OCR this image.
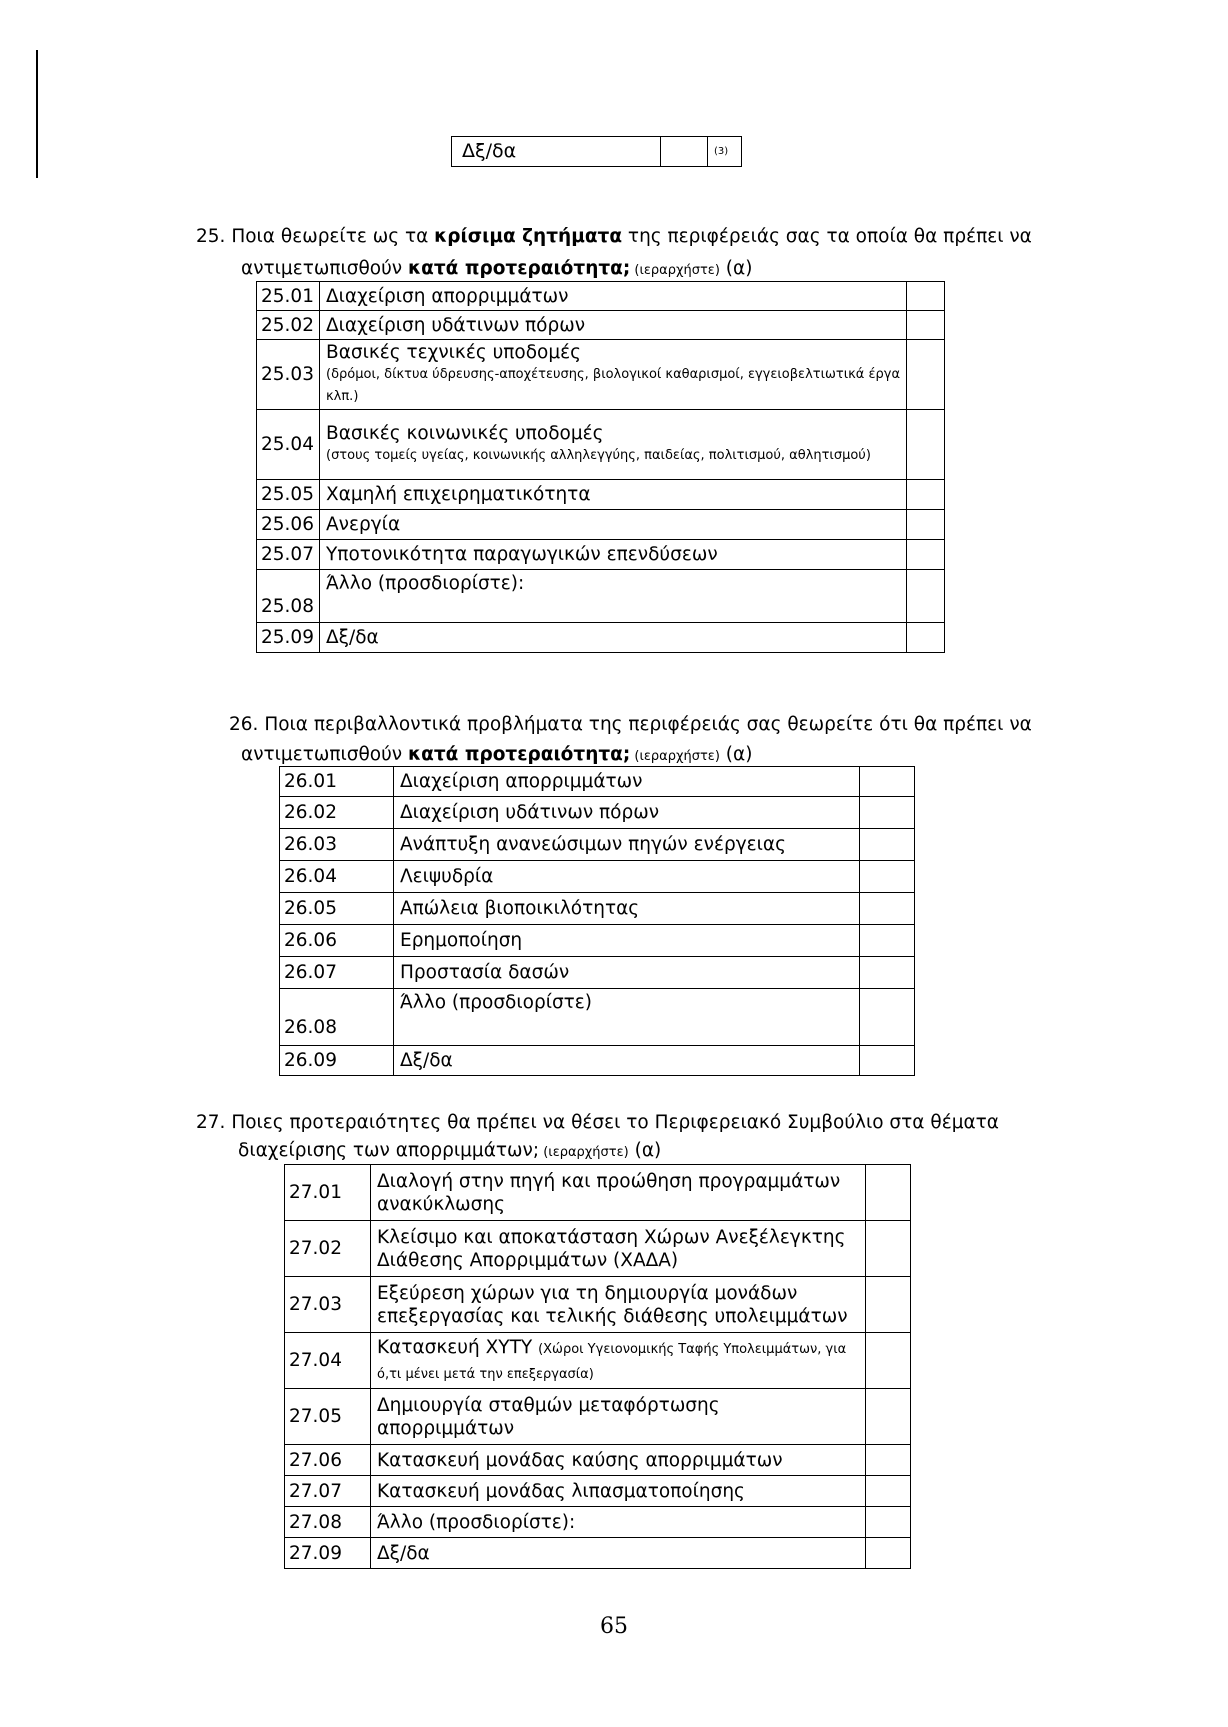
Δξ/δα	(3)
25. Ποια θεωρείτε ως τα κρίσιμα ζητήματα της περιφέρειάς σας τα οποία θα πρέπει να
αντιμετωπισθούν κατά προτεραιότητα; (ιεραρχήστε) (α)
25.01	Διαχείριση απορριμμάτων	
25.02	Διαχείριση υδάτινων πόρων	
25.03	Βασικές τεχνικές υποδομές
(δρόμοι, δίκτυα ύδρευσης-αποχέτευσης, βιολογικοί καθαρισμοί, εγγειοβελτιωτικά έργα κλπ.)	

25.04	Βασικές κοινωνικές υποδομές
(στους τομείς υγείας, κοινωνικής αλληλεγγύης, παιδείας, πολιτισμού, αθλητισμού)	

25.05	Χαμηλή επιχειρηματικότητα	
25.06	Ανεργία	
25.07	Υποτονικότητα παραγωγικών επενδύσεων	
25.08	Άλλο (προσδιορίστε):	
25.09	Δξ/δα	
26. Ποια περιβαλλοντικά προβλήματα της περιφέρειάς σας θεωρείτε ότι θα πρέπει να
αντιμετωπισθούν κατά προτεραιότητα; (ιεραρχήστε) (α)
26.01	Διαχείριση απορριμμάτων	
26.02	Διαχείριση υδάτινων πόρων	
26.03	Ανάπτυξη ανανεώσιμων πηγών ενέργειας	
26.04	Λειψυδρία	
26.05	Απώλεια βιοποικιλότητας	
26.06	Ερημοποίηση	
26.07	Προστασία δασών	
26.08	Άλλο (προσδιορίστε)	
26.09	Δξ/δα	
27. Ποιες προτεραιότητες θα πρέπει να θέσει το Περιφερειακό Συμβούλιο στα θέματα
διαχείρισης των απορριμμάτων; (ιεραρχήστε) (α)
27.01	Διαλογή στην πηγή και προώθηση προγραμμάτων ανακύκλωσης	
27.02	Κλείσιμο και αποκατάσταση Χώρων Ανεξέλεγκτης Διάθεσης Απορριμμάτων (ΧΑΔΑ)	
27.03	Εξεύρεση χώρων για τη δημιουργία μονάδων επεξεργασίας και τελικής διάθεσης υπολειμμάτων	
27.04	Κατασκευή ΧΥΤΥ (Χώροι Υγειονομικής Ταφής Υπολειμμάτων, για ό,τι μένει μετά την επεξεργασία)	
27.05	Δημιουργία σταθμών μεταφόρτωσης απορριμμάτων	
27.06	Κατασκευή μονάδας καύσης απορριμμάτων	
27.07	Κατασκευή μονάδας λιπασματοποίησης	
27.08	Άλλο (προσδιορίστε):	
27.09	Δξ/δα	
65
